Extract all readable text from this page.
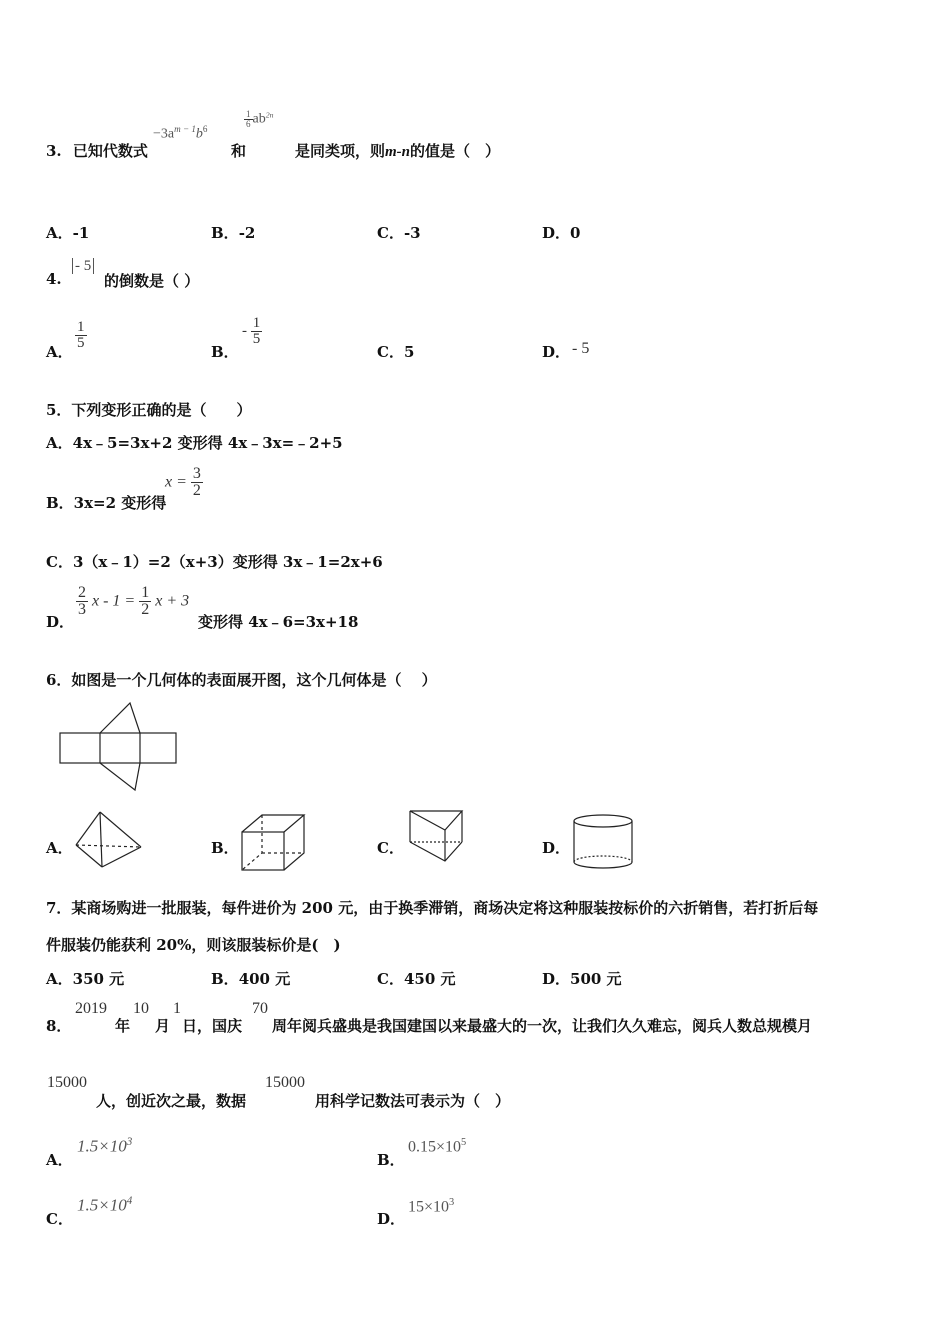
3. 已知代数式
$-3a^{m - 1}b^6$
和
$\frac{1}{6} ab^{2n}$
是同类项，则m-n的值是（　）
A．-1	B．-2	C．-3	D．0
4.
- 5
的倒数是（ ）
A．
$\frac{1}{5}$
B．
- $\frac{1}{5}$
C．5	D． - 5
5．下列变形正确的是（　　）
A．4x﹣5=3x+2 变形得 4x﹣3x=﹣2+5
B．3x=2 变形得
$x = \frac{3}{2}$
C．3（x﹣1）=2（x+3）变形得 3x﹣1=2x+6
D．
$\frac{2}{3}$ $x - 1 = \frac{1}{2}$ x + 3
变形得 4x﹣6=3x+18
6．如图是一个几何体的表面展开图，这个几何体是（　 ）
A．	B．	C．	D．
7．某商场购进一批服装，每件进价为 200 元，由于换季滞销，商场决定将这种服装按标价的六折销售，若打折后每
件服装仍能获利 20%，则该服装标价是(　)
A．350 元	B．400 元	C．450 元	D．500 元
8．
2019
年
10
月
1
日，国庆
70
周年阅兵盛典是我国建国以来最盛大的一次，让我们久久难忘，阅兵人数总规模月
15000
人，创近次之最，数据
15000
用科学记数法可表示为（　）
A．
$1.5\times 10^3$
B．
$0.15\times 10^5$
C．
$1.5\times 10^4$
D．
$15\times 10^3$
